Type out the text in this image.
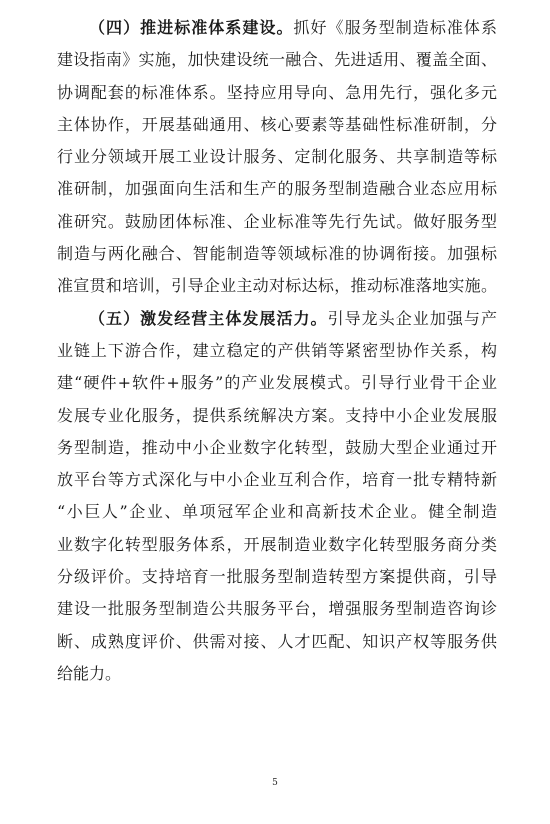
（四）推进标准体系建设。抓好《服务型制造标准体系
建设指南》实施，加快建设统一融合、先进适用、覆盖全面、
协调配套的标准体系。坚持应用导向、急用先行，强化多元
主体协作，开展基础通用、核心要素等基础性标准研制，分
行业分领域开展工业设计服务、定制化服务、共享制造等标
准研制，加强面向生活和生产的服务型制造融合业态应用标
准研究。鼓励团体标准、企业标准等先行先试。做好服务型
制造与两化融合、智能制造等领域标准的协调衔接。加强标
准宣贯和培训，引导企业主动对标达标，推动标准落地实施。
（五）激发经营主体发展活力。引导龙头企业加强与产
业链上下游合作，建立稳定的产供销等紧密型协作关系，构
建“硬件+软件+服务”的产业发展模式。引导行业骨干企业
发展专业化服务，提供系统解决方案。支持中小企业发展服
务型制造，推动中小企业数字化转型，鼓励大型企业通过开
放平台等方式深化与中小企业互利合作，培育一批专精特新
“小巨人”企业、单项冠军企业和高新技术企业。健全制造
业数字化转型服务体系，开展制造业数字化转型服务商分类
分级评价。支持培育一批服务型制造转型方案提供商，引导
建设一批服务型制造公共服务平台，增强服务型制造咨询诊
断、成熟度评价、供需对接、人才匹配、知识产权等服务供
给能力。
5
